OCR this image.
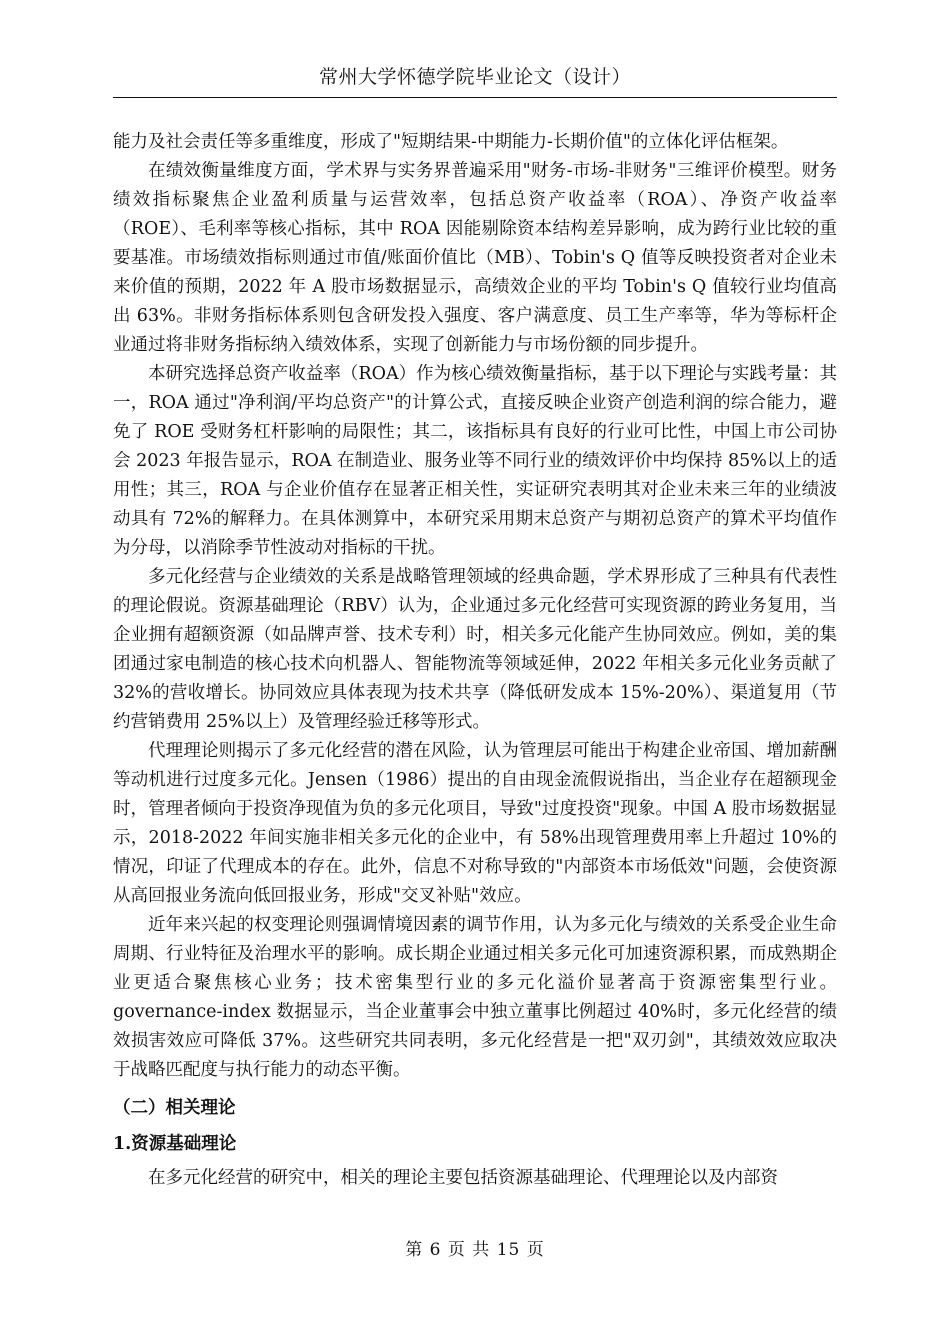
常州大学怀德学院毕业论文（设计）

能力及社会责任等多重维度，形成了"短期结果-中期能力-长期价值"的立体化评估框架。

在绩效衡量维度方面，学术界与实务界普遍采用"财务-市场-非财务"三维评价模型。财务绩效指标聚焦企业盈利质量与运营效率，包括总资产收益率（ROA）、净资产收益率（ROE）、毛利率等核心指标，其中 ROA 因能剔除资本结构差异影响，成为跨行业比较的重要基准。市场绩效指标则通过市值/账面价值比（MB）、Tobin's Q 值等反映投资者对企业未来价值的预期，2022 年 A 股市场数据显示，高绩效企业的平均 Tobin's Q 值较行业均值高出 63%。非财务指标体系则包含研发投入强度、客户满意度、员工生产率等，华为等标杆企业通过将非财务指标纳入绩效体系，实现了创新能力与市场份额的同步提升。

本研究选择总资产收益率（ROA）作为核心绩效衡量指标，基于以下理论与实践考量：其一，ROA 通过"净利润/平均总资产"的计算公式，直接反映企业资产创造利润的综合能力，避免了 ROE 受财务杠杆影响的局限性；其二，该指标具有良好的行业可比性，中国上市公司协会 2023 年报告显示，ROA 在制造业、服务业等不同行业的绩效评价中均保持 85%以上的适用性；其三，ROA 与企业价值存在显著正相关性，实证研究表明其对企业未来三年的业绩波动具有 72%的解释力。在具体测算中，本研究采用期末总资产与期初总资产的算术平均值作为分母，以消除季节性波动对指标的干扰。

多元化经营与企业绩效的关系是战略管理领域的经典命题，学术界形成了三种具有代表性的理论假说。资源基础理论（RBV）认为，企业通过多元化经营可实现资源的跨业务复用，当企业拥有超额资源（如品牌声誉、技术专利）时，相关多元化能产生协同效应。例如，美的集团通过家电制造的核心技术向机器人、智能物流等领域延伸，2022 年相关多元化业务贡献了 32%的营收增长。协同效应具体表现为技术共享（降低研发成本 15%-20%）、渠道复用（节约营销费用 25%以上）及管理经验迁移等形式。

代理理论则揭示了多元化经营的潜在风险，认为管理层可能出于构建企业帝国、增加薪酬等动机进行过度多元化。Jensen（1986）提出的自由现金流假说指出，当企业存在超额现金时，管理者倾向于投资净现值为负的多元化项目，导致"过度投资"现象。中国 A 股市场数据显示，2018-2022 年间实施非相关多元化的企业中，有 58%出现管理费用率上升超过 10%的情况，印证了代理成本的存在。此外，信息不对称导致的"内部资本市场低效"问题，会使资源从高回报业务流向低回报业务，形成"交叉补贴"效应。

近年来兴起的权变理论则强调情境因素的调节作用，认为多元化与绩效的关系受企业生命周期、行业特征及治理水平的影响。成长期企业通过相关多元化可加速资源积累，而成熟期企业更适合聚焦核心业务；技术密集型行业的多元化溢价显著高于资源密集型行业。governance-index 数据显示，当企业董事会中独立董事比例超过 40%时，多元化经营的绩效损害效应可降低 37%。这些研究共同表明，多元化经营是一把"双刃剑"，其绩效效应取决于战略匹配度与执行能力的动态平衡。

（二）相关理论
1.资源基础理论

在多元化经营的研究中，相关的理论主要包括资源基础理论、代理理论以及内部资

第 6 页 共 15 页
